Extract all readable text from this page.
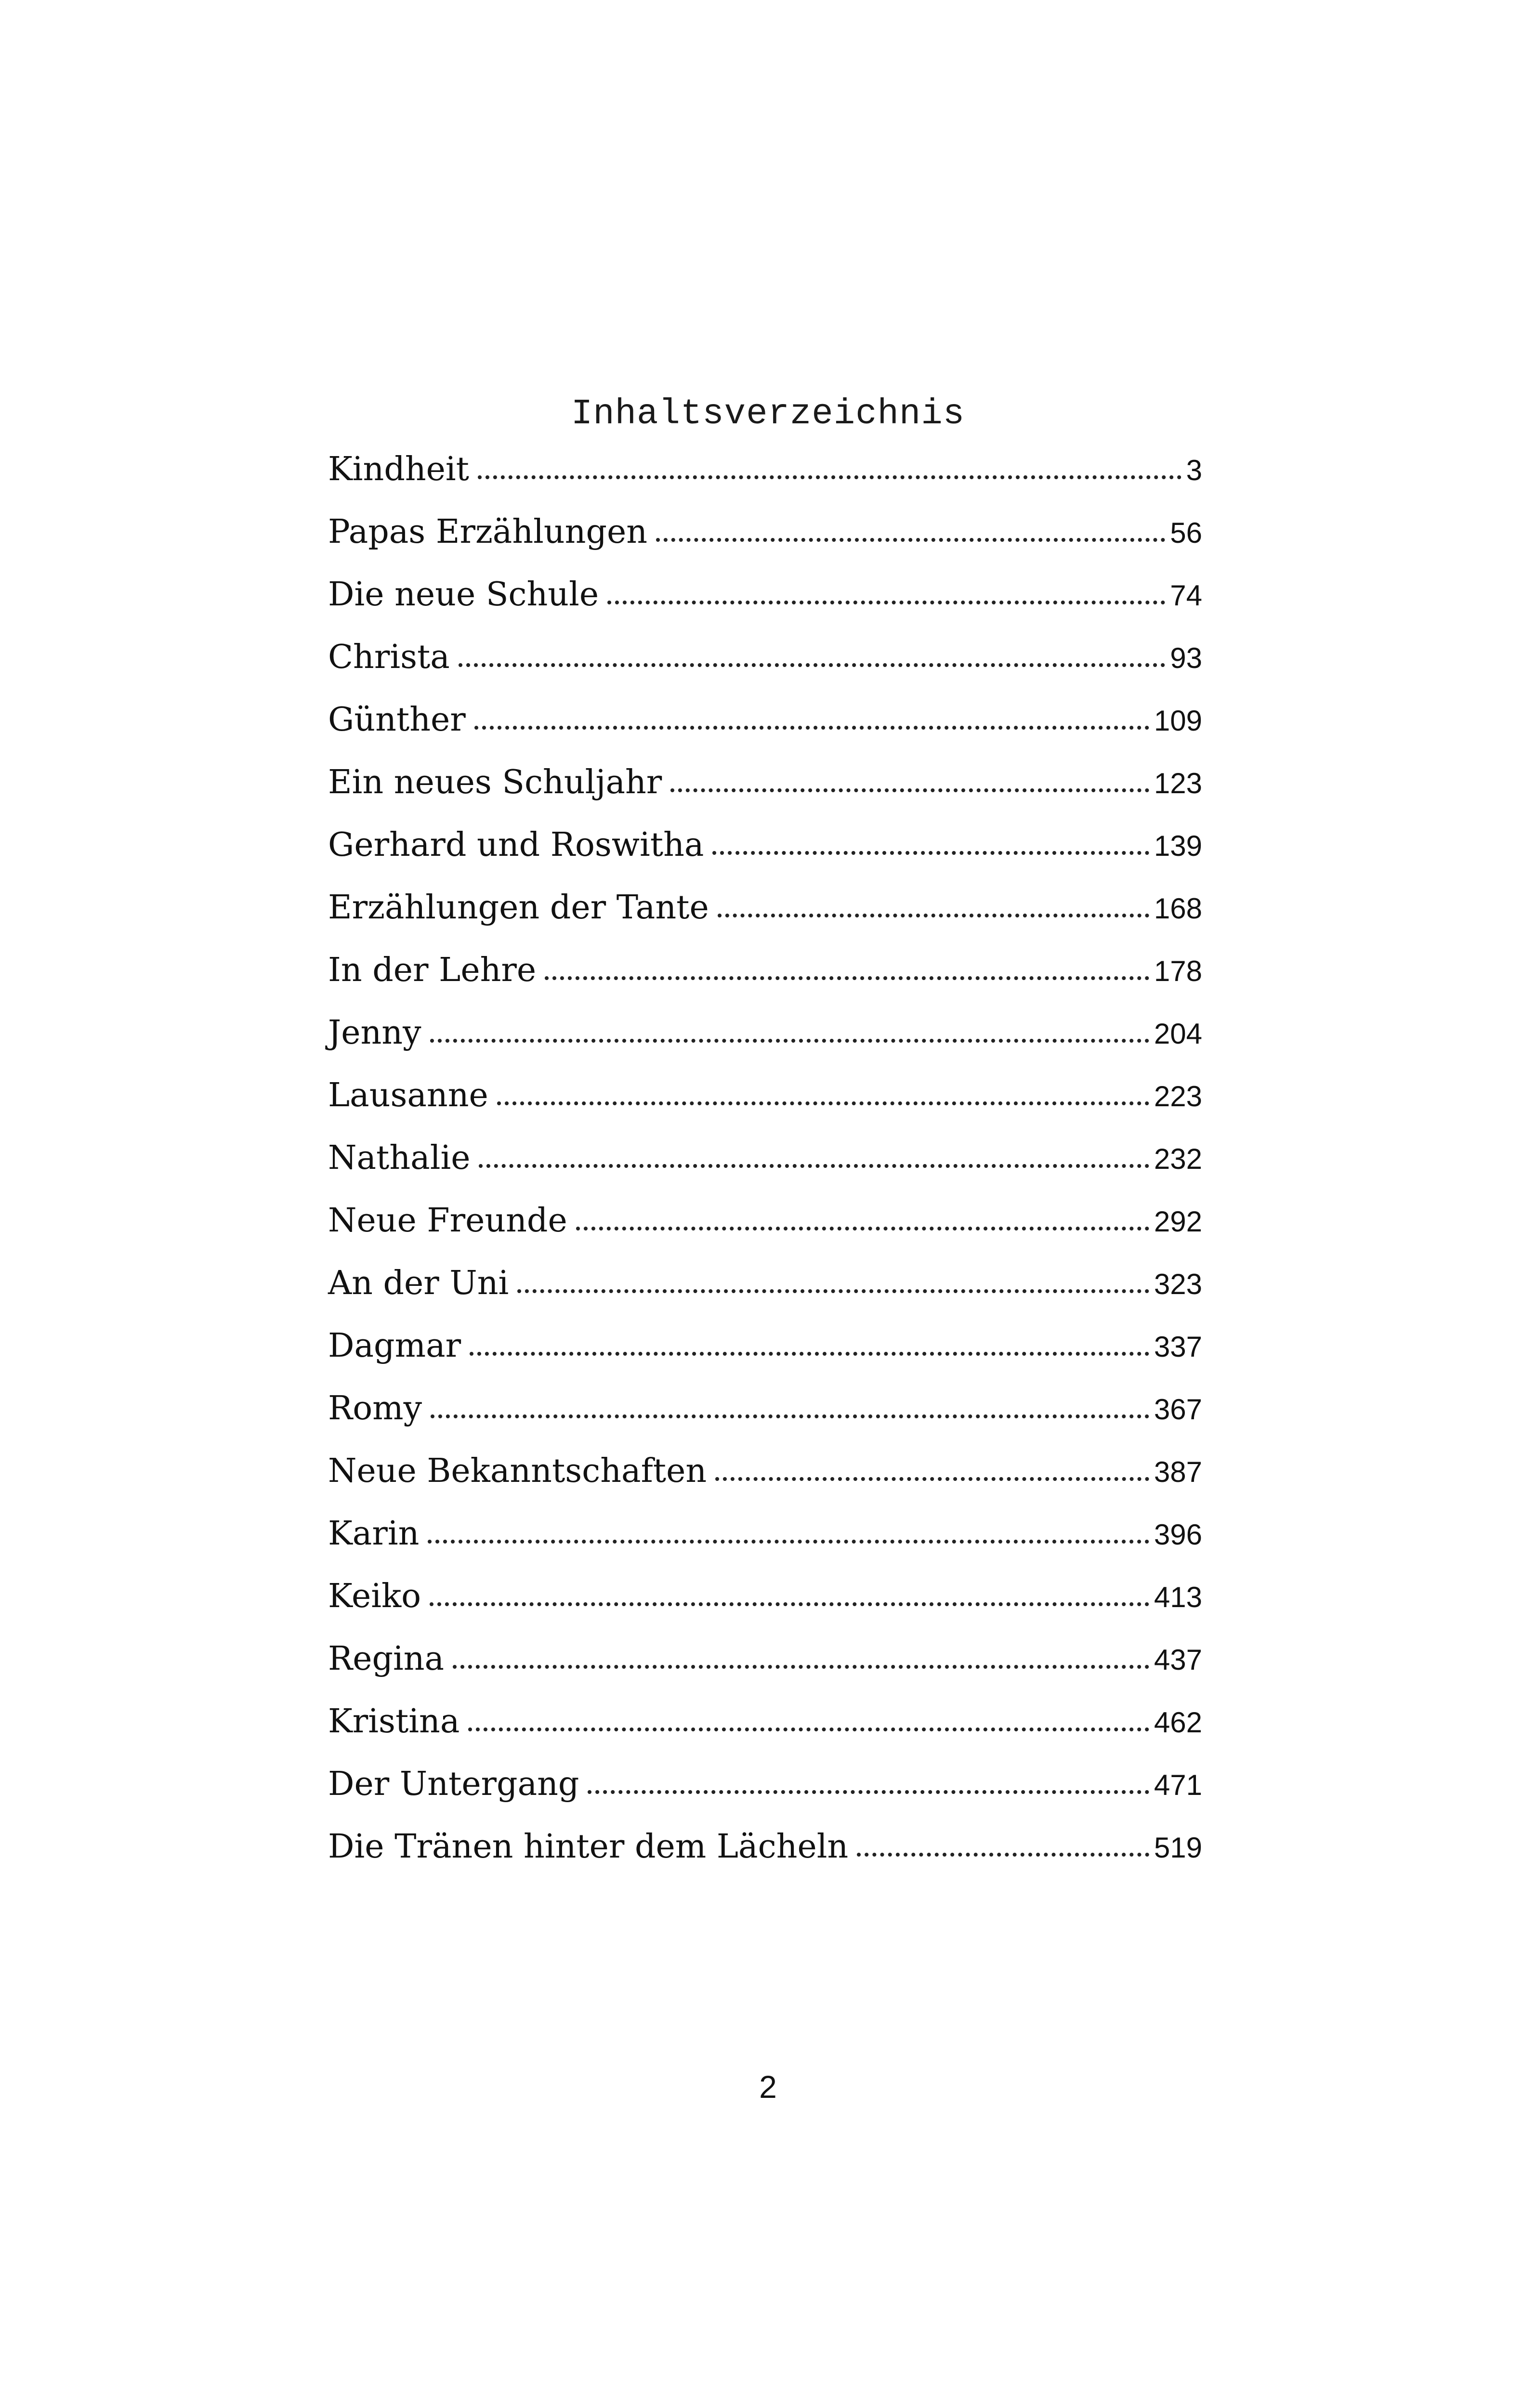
Inhaltsverzeichnis
Kindheit	3
Papas Erzählungen	56
Die neue Schule	74
Christa	93
Günther	109
Ein neues Schuljahr	123
Gerhard und Roswitha	139
Erzählungen der Tante	168
In der Lehre	178
Jenny	204
Lausanne	223
Nathalie	232
Neue Freunde	292
An der Uni	323
Dagmar	337
Romy	367
Neue Bekanntschaften	387
Karin	396
Keiko	413
Regina	437
Kristina	462
Der Untergang	471
Die Tränen hinter dem Lächeln	519
2
